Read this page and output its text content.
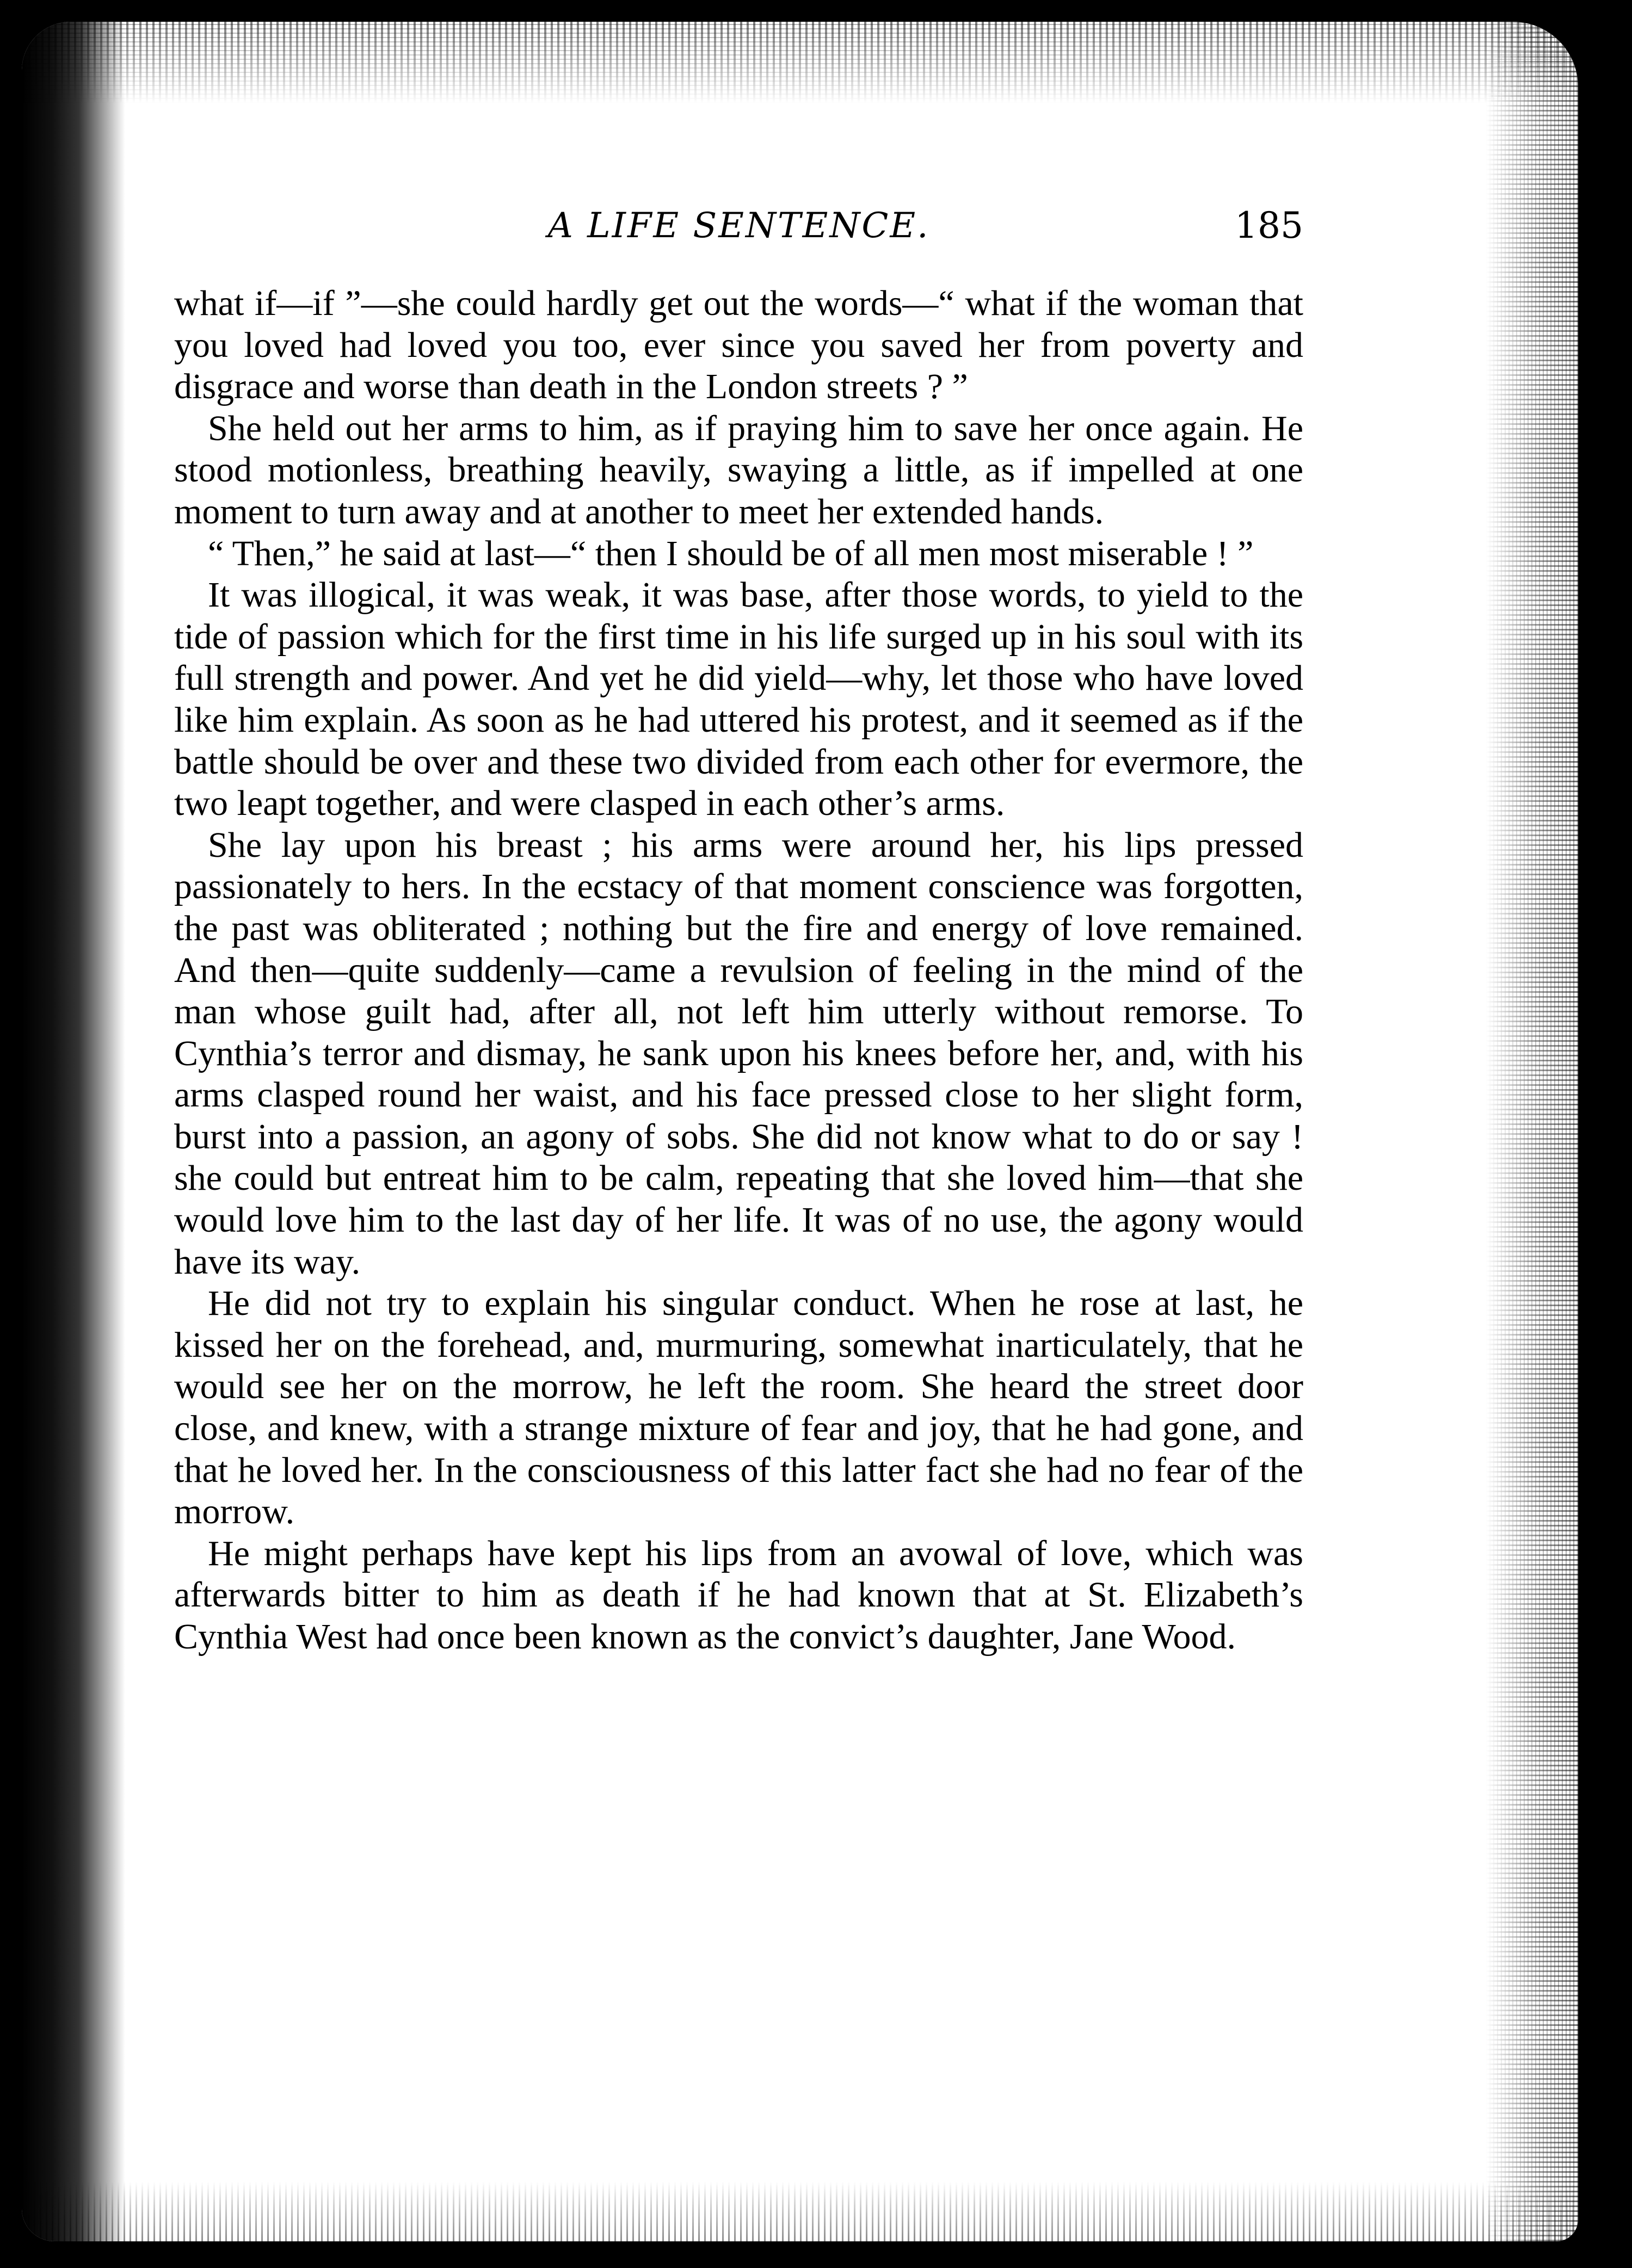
A LIFE SENTENCE.	185

what if—if ”—she could hardly get out the words—“ what if the woman that you loved had loved you too, ever since you saved her from poverty and disgrace and worse than death in the London streets ? ”

She held out her arms to him, as if praying him to save her once again. He stood motionless, breathing heavily, swaying a little, as if impelled at one moment to turn away and at another to meet her extended hands.

“ Then,” he said at last—“ then I should be of all men most miserable ! ”

It was illogical, it was weak, it was base, after those words, to yield to the tide of passion which for the first time in his life surged up in his soul with its full strength and power. And yet he did yield—why, let those who have loved like him explain. As soon as he had uttered his protest, and it seemed as if the battle should be over and these two divided from each other for evermore, the two leapt together, and were clasped in each other’s arms.

She lay upon his breast ; his arms were around her, his lips pressed passionately to hers. In the ecstacy of that moment conscience was forgotten, the past was obliterated ; nothing but the fire and energy of love remained. And then—quite suddenly—came a revulsion of feeling in the mind of the man whose guilt had, after all, not left him utterly without remorse. To Cynthia’s terror and dismay, he sank upon his knees before her, and, with his arms clasped round her waist, and his face pressed close to her slight form, burst into a passion, an agony of sobs. She did not know what to do or say ! she could but entreat him to be calm, repeating that she loved him—that she would love him to the last day of her life. It was of no use, the agony would have its way.

He did not try to explain his singular conduct. When he rose at last, he kissed her on the forehead, and, murmuring, somewhat inarticulately, that he would see her on the morrow, he left the room. She heard the street door close, and knew, with a strange mixture of fear and joy, that he had gone, and that he loved her. In the consciousness of this latter fact she had no fear of the morrow.

He might perhaps have kept his lips from an avowal of love, which was afterwards bitter to him as death if he had known that at St. Elizabeth’s Cynthia West had once been known as the convict’s daughter, Jane Wood.
